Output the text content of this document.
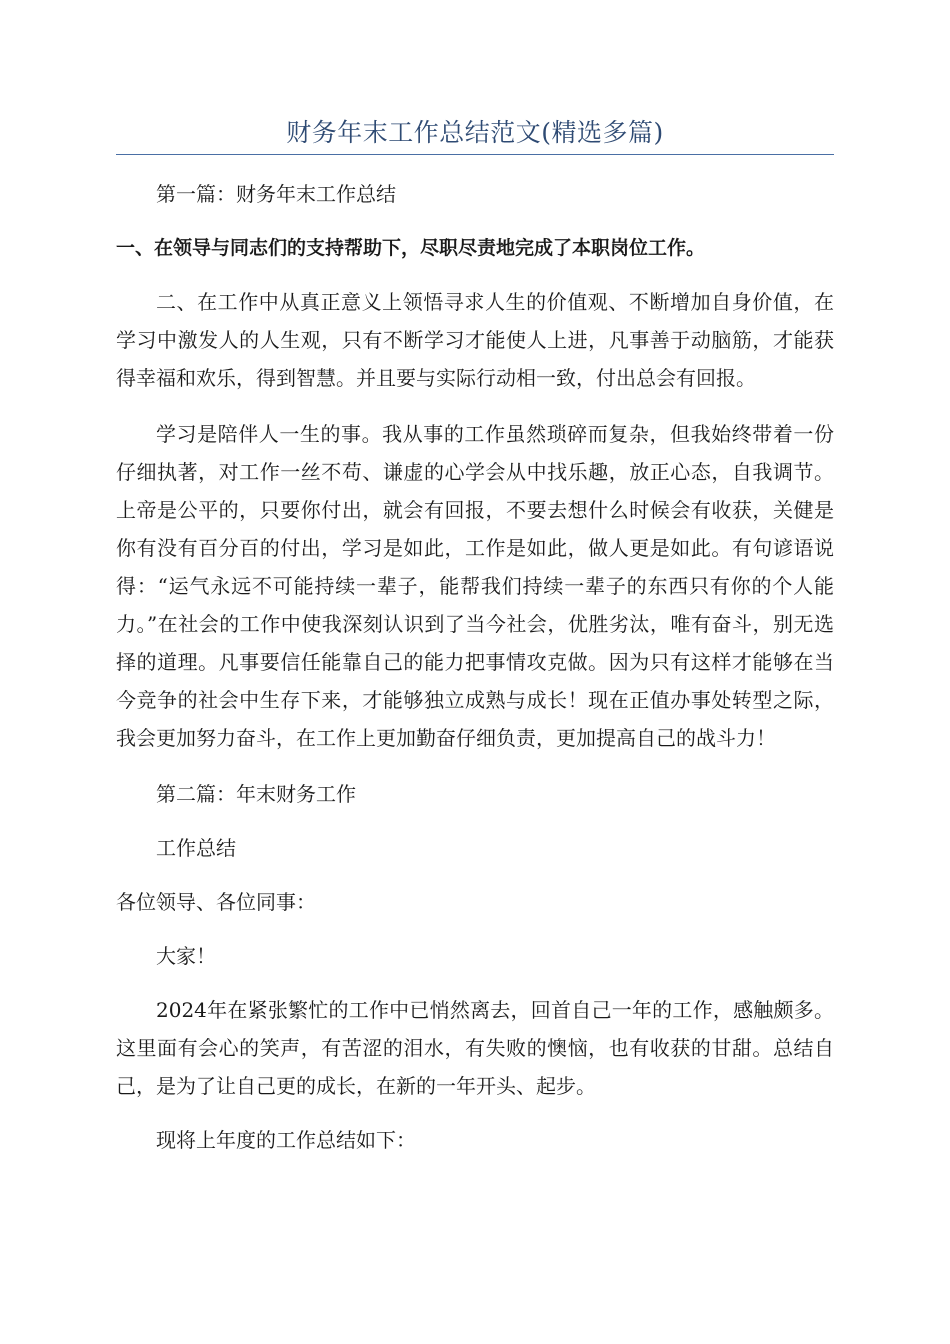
财务年末工作总结范文(精选多篇)

第一篇：财务年末工作总结

一、在领导与同志们的支持帮助下，尽职尽责地完成了本职岗位工作。

二、在工作中从真正意义上领悟寻求人生的价值观、不断增加自身价值，在学习中激发人的人生观，只有不断学习才能使人上进，凡事善于动脑筋，才能获得幸福和欢乐，得到智慧。并且要与实际行动相一致，付出总会有回报。

学习是陪伴人一生的事。我从事的工作虽然琐碎而复杂，但我始终带着一份仔细执著，对工作一丝不苟、谦虚的心学会从中找乐趣，放正心态，自我调节。上帝是公平的，只要你付出，就会有回报，不要去想什么时候会有收获，关健是你有没有百分百的付出，学习是如此，工作是如此，做人更是如此。有句谚语说得：“运气永远不可能持续一辈子，能帮我们持续一辈子的东西只有你的个人能力。”在社会的工作中使我深刻认识到了当今社会，优胜劣汰，唯有奋斗，别无选择的道理。凡事要信任能靠自己的能力把事情攻克做。因为只有这样才能够在当今竞争的社会中生存下来，才能够独立成熟与成长！现在正值办事处转型之际，我会更加努力奋斗，在工作上更加勤奋仔细负责，更加提高自己的战斗力！

第二篇：年末财务工作

工作总结

各位领导、各位同事：

大家！

2024年在紧张繁忙的工作中已悄然离去，回首自己一年的工作，感触颇多。这里面有会心的笑声，有苦涩的泪水，有失败的懊恼，也有收获的甘甜。总结自己，是为了让自己更的成长，在新的一年开头、起步。

现将上年度的工作总结如下：
